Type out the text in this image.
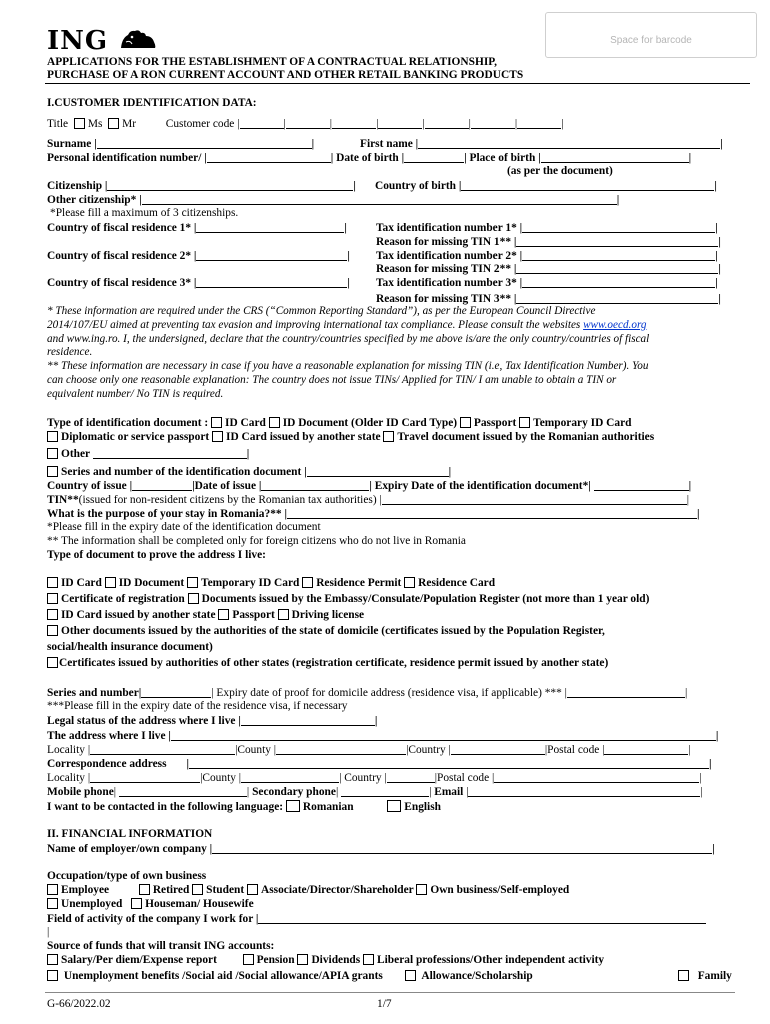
ING	Space for barcode
APPLICATIONS FOR THE ESTABLISHMENT OF A CONTRACTUAL RELATIONSHIP,
PURCHASE OF A RON CURRENT ACCOUNT AND OTHER RETAIL BANKING PRODUCTS
I.CUSTOMER IDENTIFICATION DATA:
Title Ms Mr	Customer code |	|	|	|	|	|	|	|
Surname |	|	First name |	|
Personal identification number/ |	| Date of birth |	| Place of birth |	|
(as per the document)
Citizenship |	| Country of birth |	|
Other citizenship* |	|
*Please fill a maximum of 3 citizenships.
Country of fiscal residence 1* |	|	Tax identification number 1* |	|
Reason for missing TIN 1** |	|
Country of fiscal residence 2* |	| Tax identification number 2* |	|
Reason for missing TIN 2** |	|
Country of fiscal residence 3* |	| Tax identification number 3* |	|
Reason for missing TIN 3** |	|
* These information are required under the CRS (“Common Reporting Standard”), as per the European Council Directive
2014/107/EU aimed at preventing tax evasion and improving international tax compliance. Please consult the websites www.oecd.org
and www.ing.ro. I, the undersigned, declare that the country/countries specified by me above is/are the only country/countries of fiscal
residence.
** These information are necessary in case if you have a reasonable explanation for missing TIN (i.e, Tax Identification Number). You
can choose only one reasonable explanation: The country does not issue TINs/ Applied for TIN/ I am unable to obtain a TIN or
equivalent number/ No TIN is required.
Type of identification document : ID Card ID Document (Older ID Card Type) Passport Temporary ID Card
Diplomatic or service passport ID Card issued by another state Travel document issued by the Romanian authorities
Other	|
Series and number of the identification document |	|
Country of issue |	|Date of issue |	| Expiry Date of the identification document*|	|
TIN**(issued for non-resident citizens by the Romanian tax authorities) |	|
What is the purpose of your stay in Romania?** |	|
*Please fill in the expiry date of the identification document
** The information shall be completed only for foreign citizens who do not live in Romania
Type of document to prove the address I live:
ID Card ID Document Temporary ID Card Residence Permit Residence Card
Certificate of registration Documents issued by the Embassy/Consulate/Population Register (not more than 1 year old)
ID Card issued by another state Passport Driving license
Other documents issued by the authorities of the state of domicile (certificates issued by the Population Register,
social/health insurance document)
Certificates issued by authorities of other states (registration certificate, residence permit issued by another state)
Series and number|	| Expiry date of proof for domicile address (residence visa, if applicable) *** |	|
***Please fill in the expiry date of the residence visa, if necessary
Legal status of the address where I live |	|
The address where I live |	|
Locality |	|County |	|Country |	|Postal code |	|
Correspondence address       |	|
Locality |	|County |	| Country |	|Postal code |	|
Mobile phone|	| Secondary phone|	| Email |	|
I want to be contacted in the following language: Romanian	English
II. FINANCIAL INFORMATION
Name of employer/own company |	|
Occupation/type of own business
Employee	Retired Student Associate/Director/Shareholder Own business/Self-employed
Unemployed Houseman/ Housewife
Field of activity of the company I work for |
|
Source of funds that will transit ING accounts:
Salary/Per diem/Expense report	Pension Dividends Liberal professions/Other independent activity
Unemployment benefits /Social aid /Social allowance/APIA grants	Allowance/Scholarship	Family
G-66/2022.02	1/7
